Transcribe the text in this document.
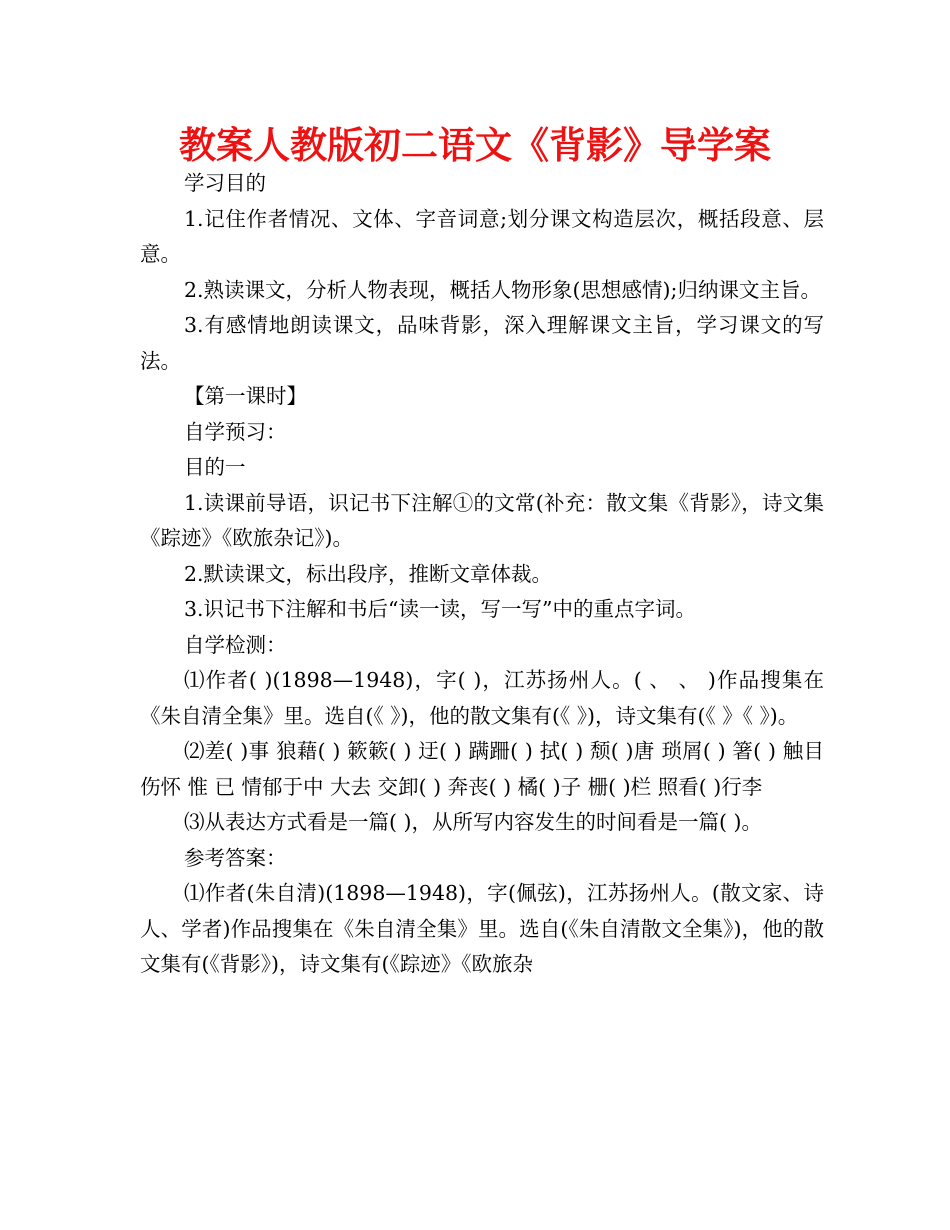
教案人教版初二语文《背影》导学案

学习目的

1.记住作者情况、文体、字音词意;划分课文构造层次，概括段意、层意。

2.熟读课文，分析人物表现，概括人物形象(思想感情);归纳课文主旨。

3.有感情地朗读课文，品味背影，深入理解课文主旨，学习课文的写法。

【第一课时】

自学预习：

目的一

1.读课前导语，识记书下注解①的文常(补充：散文集《背影》，诗文集《踪迹》《欧旅杂记》)。

2.默读课文，标出段序，推断文章体裁。

3.识记书下注解和书后“读一读，写一写”中的重点字词。

自学检测：

⑴作者( )(1898—1948)，字( )，江苏扬州人。( 、 、 )作品搜集在《朱自清全集》里。选自(《 》)，他的散文集有(《 》)，诗文集有(《 》《 》)。

⑵差( )事 狼藉( ) 簌簌( ) 迂( ) 蹒跚( ) 拭( ) 颓( )唐 琐屑( ) 箸( ) 触目伤怀 惟 已 情郁于中 大去 交卸( ) 奔丧( ) 橘( )子 栅( )栏 照看( )行李

⑶从表达方式看是一篇( )，从所写内容发生的时间看是一篇( )。

参考答案：

⑴作者(朱自清)(1898—1948)，字(佩弦)，江苏扬州人。(散文家、诗人、学者)作品搜集在《朱自清全集》里。选自(《朱自清散文全集》)，他的散文集有(《背影》)，诗文集有(《踪迹》《欧旅杂
